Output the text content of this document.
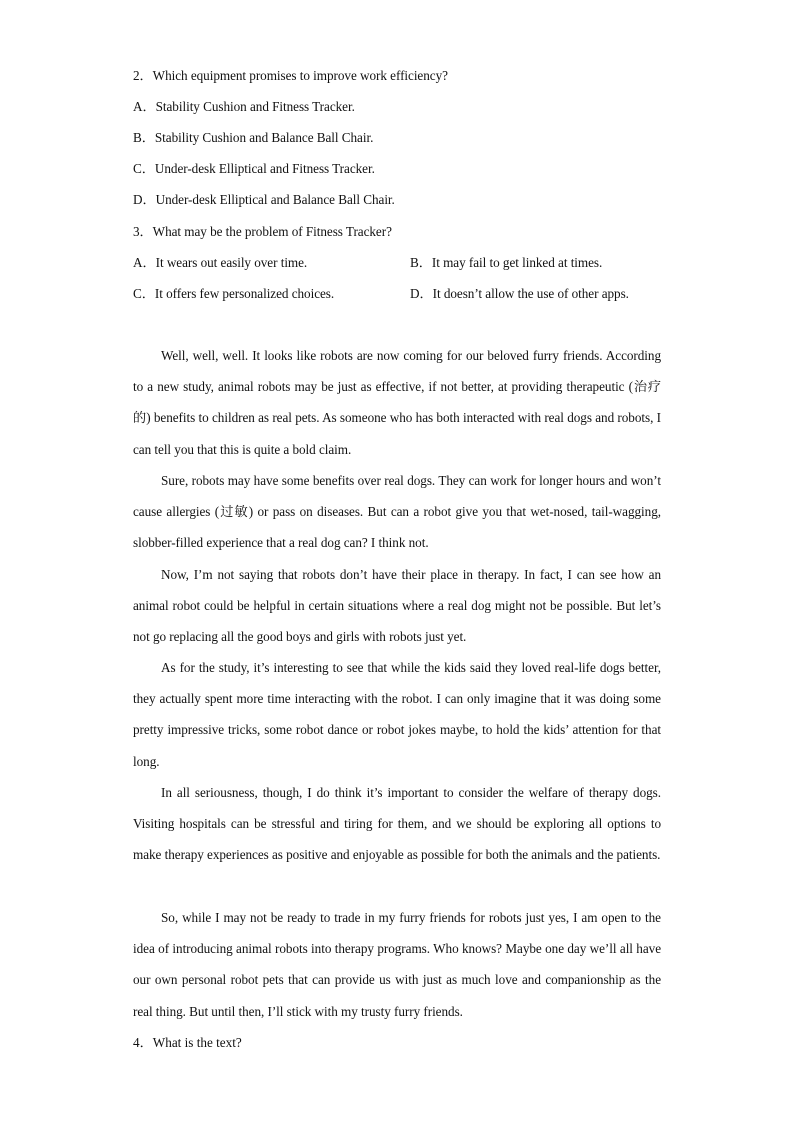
2．Which equipment promises to improve work efficiency?
A．Stability Cushion and Fitness Tracker.
B．Stability Cushion and Balance Ball Chair.
C．Under-desk Elliptical and Fitness Tracker.
D．Under-desk Elliptical and Balance Ball Chair.
3．What may be the problem of Fitness Tracker?
A．It wears out easily over time.	B．It may fail to get linked at times.
C．It offers few personalized choices.	D．It doesn’t allow the use of other apps.
Well, well, well. It looks like robots are now coming for our beloved furry friends. According to a new study, animal robots may be just as effective, if not better, at providing therapeutic (治疗的) benefits to children as real pets. As someone who has both interacted with real dogs and robots, I can tell you that this is quite a bold claim.
Sure, robots may have some benefits over real dogs. They can work for longer hours and won’t cause allergies (过敏) or pass on diseases. But can a robot give you that wet-nosed, tail-wagging, slobber-filled experience that a real dog can? I think not.
Now, I’m not saying that robots don’t have their place in therapy. In fact, I can see how an animal robot could be helpful in certain situations where a real dog might not be possible. But let’s not go replacing all the good boys and girls with robots just yet.
As for the study, it’s interesting to see that while the kids said they loved real-life dogs better, they actually spent more time interacting with the robot. I can only imagine that it was doing some pretty impressive tricks, some robot dance or robot jokes maybe, to hold the kids’ attention for that long.
In all seriousness, though, I do think it’s important to consider the welfare of therapy dogs. Visiting hospitals can be stressful and tiring for them, and we should be exploring all options to make therapy experiences as positive and enjoyable as possible for both the animals and the patients.
So, while I may not be ready to trade in my furry friends for robots just yes, I am open to the idea of introducing animal robots into therapy programs. Who knows? Maybe one day we’ll all have our own personal robot pets that can provide us with just as much love and companionship as the real thing. But until then, I’ll stick with my trusty furry friends.
4．What is the text?
